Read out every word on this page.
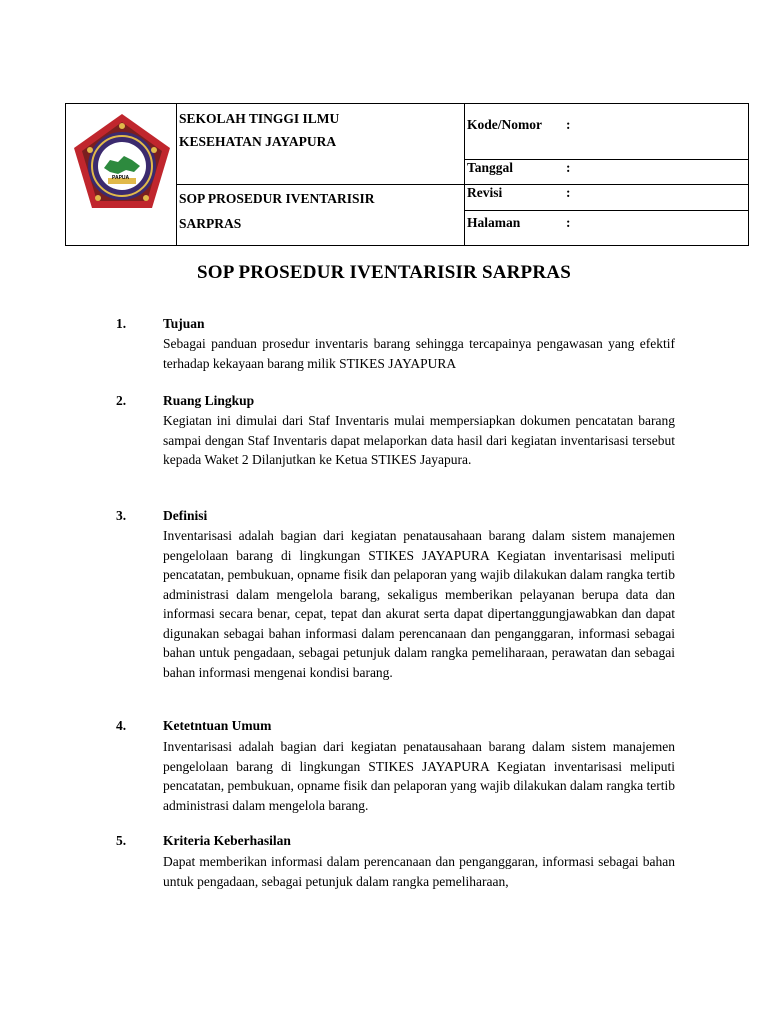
PAPUA
SEKOLAH TINGGI ILMU
KESEHATAN JAYAPURA
SOP PROSEDUR IVENTARISIR
SARPRAS
Kode/Nomor :
Tanggal	:
Revisi	:
Halaman	:
SOP PROSEDUR IVENTARISIR SARPRAS
1.	Tujuan
Sebagai panduan prosedur inventaris barang sehingga tercapainya pengawasan yang efektif terhadap kekayaan barang milik STIKES JAYAPURA
2.	Ruang Lingkup
Kegiatan ini dimulai dari Staf Inventaris mulai mempersiapkan dokumen pencatatan barang sampai dengan Staf Inventaris dapat melaporkan data hasil dari kegiatan inventarisasi tersebut kepada Waket 2 Dilanjutkan ke Ketua STIKES Jayapura.
3.	Definisi
Inventarisasi adalah bagian dari kegiatan penatausahaan barang dalam sistem manajemen pengelolaan barang di lingkungan STIKES JAYAPURA Kegiatan inventarisasi meliputi pencatatan, pembukuan, opname fisik dan pelaporan yang wajib dilakukan dalam rangka tertib administrasi dalam mengelola barang, sekaligus memberikan pelayanan berupa data dan informasi secara benar, cepat, tepat dan akurat serta dapat dipertanggungjawabkan dan dapat digunakan sebagai bahan informasi dalam perencanaan dan penganggaran, informasi sebagai bahan untuk pengadaan, sebagai petunjuk dalam rangka pemeliharaan, perawatan dan sebagai bahan informasi mengenai kondisi barang.
4.	Ketetntuan Umum
Inventarisasi adalah bagian dari kegiatan penatausahaan barang dalam sistem manajemen pengelolaan barang di lingkungan STIKES JAYAPURA Kegiatan inventarisasi meliputi pencatatan, pembukuan, opname fisik dan pelaporan yang wajib dilakukan dalam rangka tertib administrasi dalam mengelola barang.
5.	Kriteria Keberhasilan
Dapat memberikan informasi dalam perencanaan dan penganggaran, informasi sebagai bahan untuk pengadaan, sebagai petunjuk dalam rangka pemeliharaan,
